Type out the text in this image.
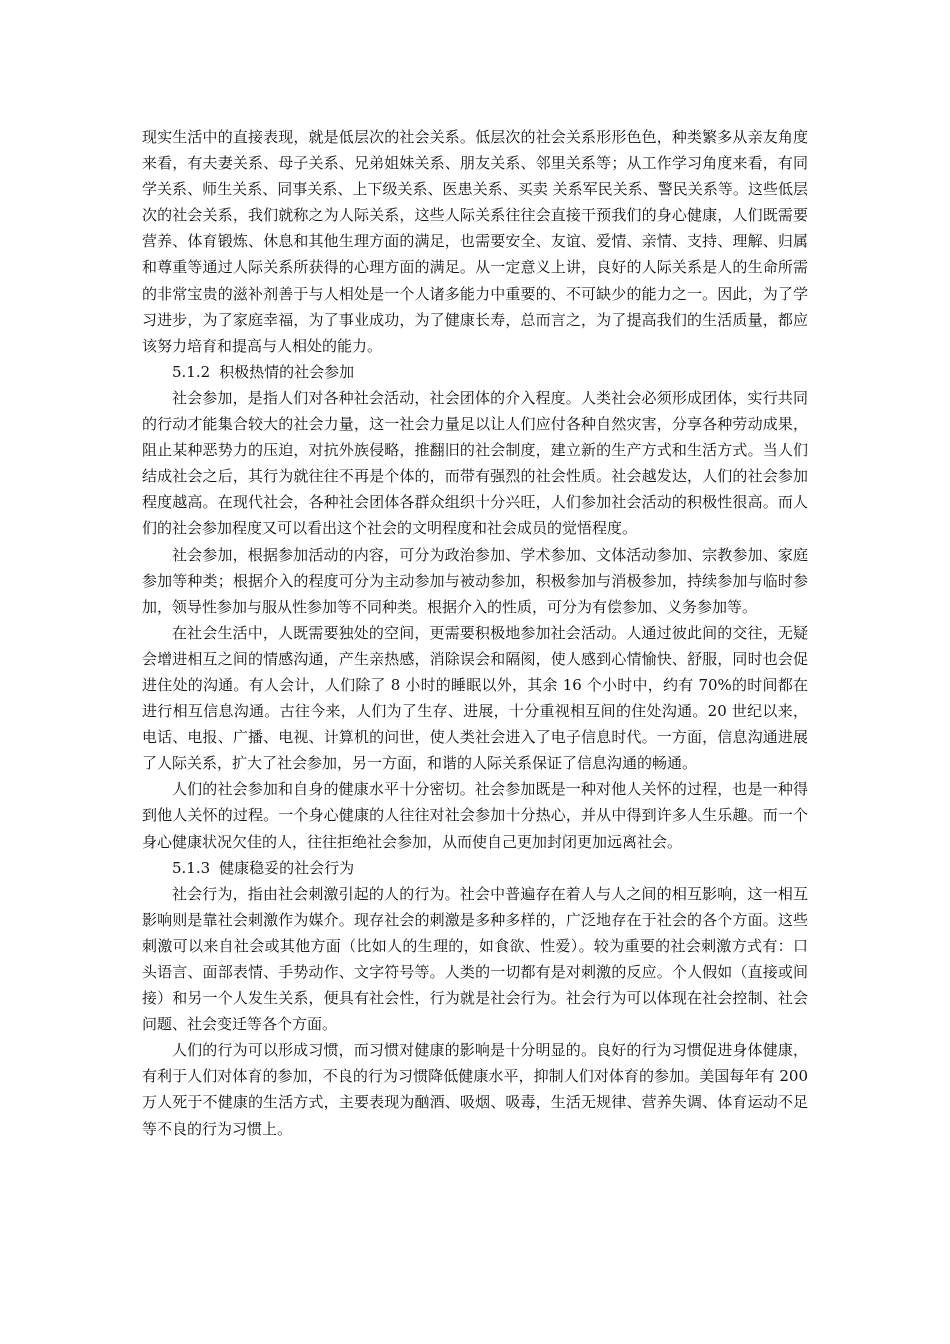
现实生活中的直接表现，就是低层次的社会关系。低层次的社会关系形形色色，种类繁多从亲友角度来看，有夫妻关系、母子关系、兄弟姐妹关系、朋友关系、邻里关系等；从工作学习角度来看，有同学关系、师生关系、同事关系、上下级关系、医患关系、买卖 关系军民关系、警民关系等。这些低层次的社会关系，我们就称之为人际关系，这些人际关系往往会直接干预我们的身心健康，人们既需要营养、体育锻炼、休息和其他生理方面的满足，也需要安全、友谊、爱情、亲情、支持、理解、归属和尊重等通过人际关系所获得的心理方面的满足。从一定意义上讲，良好的人际关系是人的生命所需的非常宝贵的滋补剂善于与人相处是一个人诸多能力中重要的、不可缺少的能力之一。因此，为了学习进步，为了家庭幸福，为了事业成功，为了健康长寿，总而言之，为了提高我们的生活质量，都应该努力培育和提高与人相处的能力。

5.1.2 积极热情的社会参加

社会参加，是指人们对各种社会活动，社会团体的介入程度。人类社会必须形成团体，实行共同的行动才能集合较大的社会力量，这一社会力量足以让人们应付各种自然灾害，分享各种劳动成果，阻止某种恶势力的压迫，对抗外族侵略，推翻旧的社会制度，建立新的生产方式和生活方式。当人们结成社会之后，其行为就往往不再是个体的，而带有强烈的社会性质。社会越发达，人们的社会参加程度越高。在现代社会，各种社会团体各群众组织十分兴旺，人们参加社会活动的积极性很高。而人们的社会参加程度又可以看出这个社会的文明程度和社会成员的觉悟程度。

社会参加，根据参加活动的内容，可分为政治参加、学术参加、文体活动参加、宗教参加、家庭参加等种类；根据介入的程度可分为主动参加与被动参加，积极参加与消极参加，持续参加与临时参加，领导性参加与服从性参加等不同种类。根据介入的性质，可分为有偿参加、义务参加等。

在社会生活中，人既需要独处的空间，更需要积极地参加社会活动。人通过彼此间的交往，无疑会增进相互之间的情感沟通，产生亲热感，消除误会和隔阂，使人感到心情愉快、舒服，同时也会促进住处的沟通。有人会计，人们除了 8 小时的睡眠以外，其余 16 个小时中，约有 70%的时间都在进行相互信息沟通。古往今来，人们为了生存、进展，十分重视相互间的住处沟通。20 世纪以来，电话、电报、广播、电视、计算机的问世，使人类社会进入了电子信息时代。一方面，信息沟通进展了人际关系，扩大了社会参加，另一方面，和谐的人际关系保证了信息沟通的畅通。

人们的社会参加和自身的健康水平十分密切。社会参加既是一种对他人关怀的过程，也是一种得到他人关怀的过程。一个身心健康的人往往对社会参加十分热心，并从中得到许多人生乐趣。而一个身心健康状况欠佳的人，往往拒绝社会参加，从而使自己更加封闭更加远离社会。

5.1.3 健康稳妥的社会行为

社会行为，指由社会刺激引起的人的行为。社会中普遍存在着人与人之间的相互影响，这一相互影响则是靠社会刺激作为媒介。现存社会的刺激是多种多样的，广泛地存在于社会的各个方面。这些刺激可以来自社会或其他方面（比如人的生理的，如食欲、性爱）。较为重要的社会刺激方式有：口头语言、面部表情、手势动作、文字符号等。人类的一切都有是对刺激的反应。个人假如（直接或间接）和另一个人发生关系，便具有社会性，行为就是社会行为。社会行为可以体现在社会控制、社会问题、社会变迁等各个方面。

人们的行为可以形成习惯，而习惯对健康的影响是十分明显的。良好的行为习惯促进身体健康，有利于人们对体育的参加，不良的行为习惯降低健康水平，抑制人们对体育的参加。美国每年有 200 万人死于不健康的生活方式，主要表现为酗酒、吸烟、吸毒，生活无规律、营养失调、体育运动不足等不良的行为习惯上。
